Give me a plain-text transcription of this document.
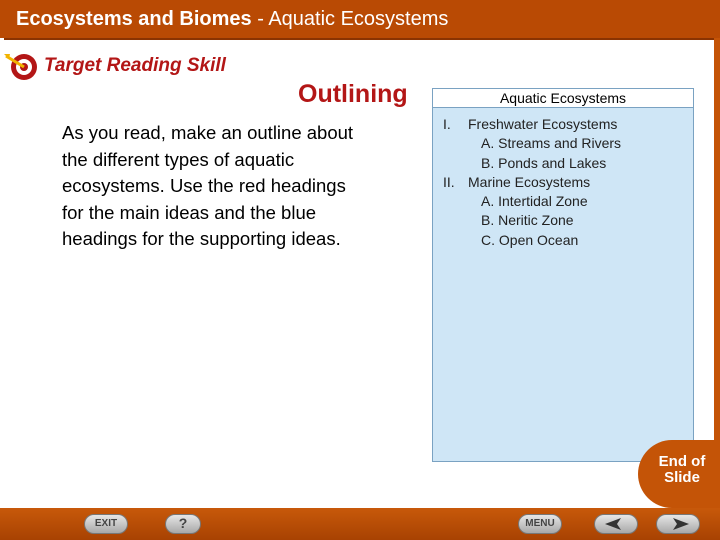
Ecosystems and Biomes - Aquatic Ecosystems
Target Reading Skill
Outlining
As you read, make an outline about the different types of aquatic ecosystems. Use the red headings for the main ideas and the blue headings for the supporting ideas.
Aquatic Ecosystems
I. Freshwater Ecosystems
A. Streams and Rivers
B. Ponds and Lakes
II. Marine Ecosystems
A. Intertidal Zone
B. Neritic Zone
C. Open Ocean
End of
Slide
EXIT	?	MENU
